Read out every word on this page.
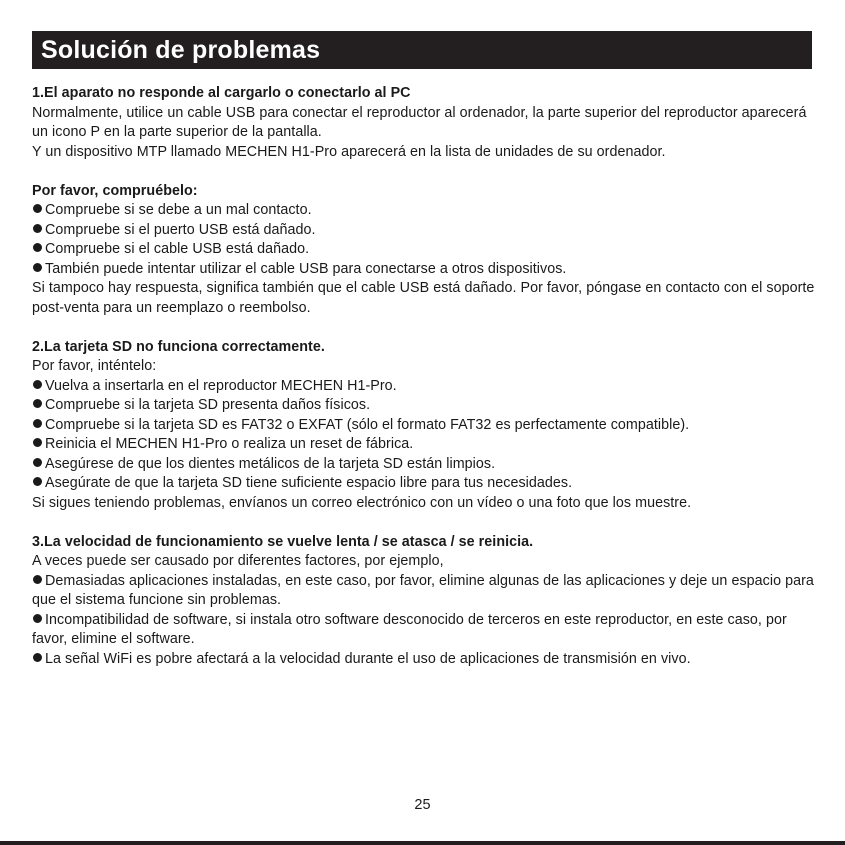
Solución de problemas

1.El aparato no responde al cargarlo o conectarlo al PC

Normalmente, utilice un cable USB para conectar el reproductor al ordenador, la parte superior del reproductor aparecerá un icono P en la parte superior de la pantalla.

Y un dispositivo MTP llamado MECHEN H1-Pro aparecerá en la lista de unidades de su ordenador.

Por favor, compruébelo:

Compruebe si se debe a un mal contacto.
Compruebe si el puerto USB está dañado.
Compruebe si el cable USB está dañado.
También puede intentar utilizar el cable USB para conectarse a otros dispositivos.

Si tampoco hay respuesta, significa también que el cable USB está dañado. Por favor, póngase en contacto con el soporte post-venta para un reemplazo o reembolso.

2.La tarjeta SD no funciona correctamente.

Por favor, inténtelo:

Vuelva a insertarla en el reproductor MECHEN H1-Pro.
Compruebe si la tarjeta SD presenta daños físicos.
Compruebe si la tarjeta SD es FAT32 o EXFAT (sólo el formato FAT32 es perfectamente compatible).
Reinicia el MECHEN H1-Pro o realiza un reset de fábrica.
Asegúrese de que los dientes metálicos de la tarjeta SD están limpios.
Asegúrate de que la tarjeta SD tiene suficiente espacio libre para tus necesidades.

Si sigues teniendo problemas, envíanos un correo electrónico con un vídeo o una foto que los muestre.

3.La velocidad de funcionamiento se vuelve lenta / se atasca / se reinicia.

A veces puede ser causado por diferentes factores, por ejemplo,

Demasiadas aplicaciones instaladas, en este caso, por favor, elimine algunas de las aplicaciones y deje un espacio para que el sistema funcione sin problemas.

Incompatibilidad de software, si instala otro software desconocido de terceros en este reproductor, en este caso, por favor, elimine el software.

La señal WiFi es pobre afectará a la velocidad durante el uso de aplicaciones de transmisión en vivo.

25
